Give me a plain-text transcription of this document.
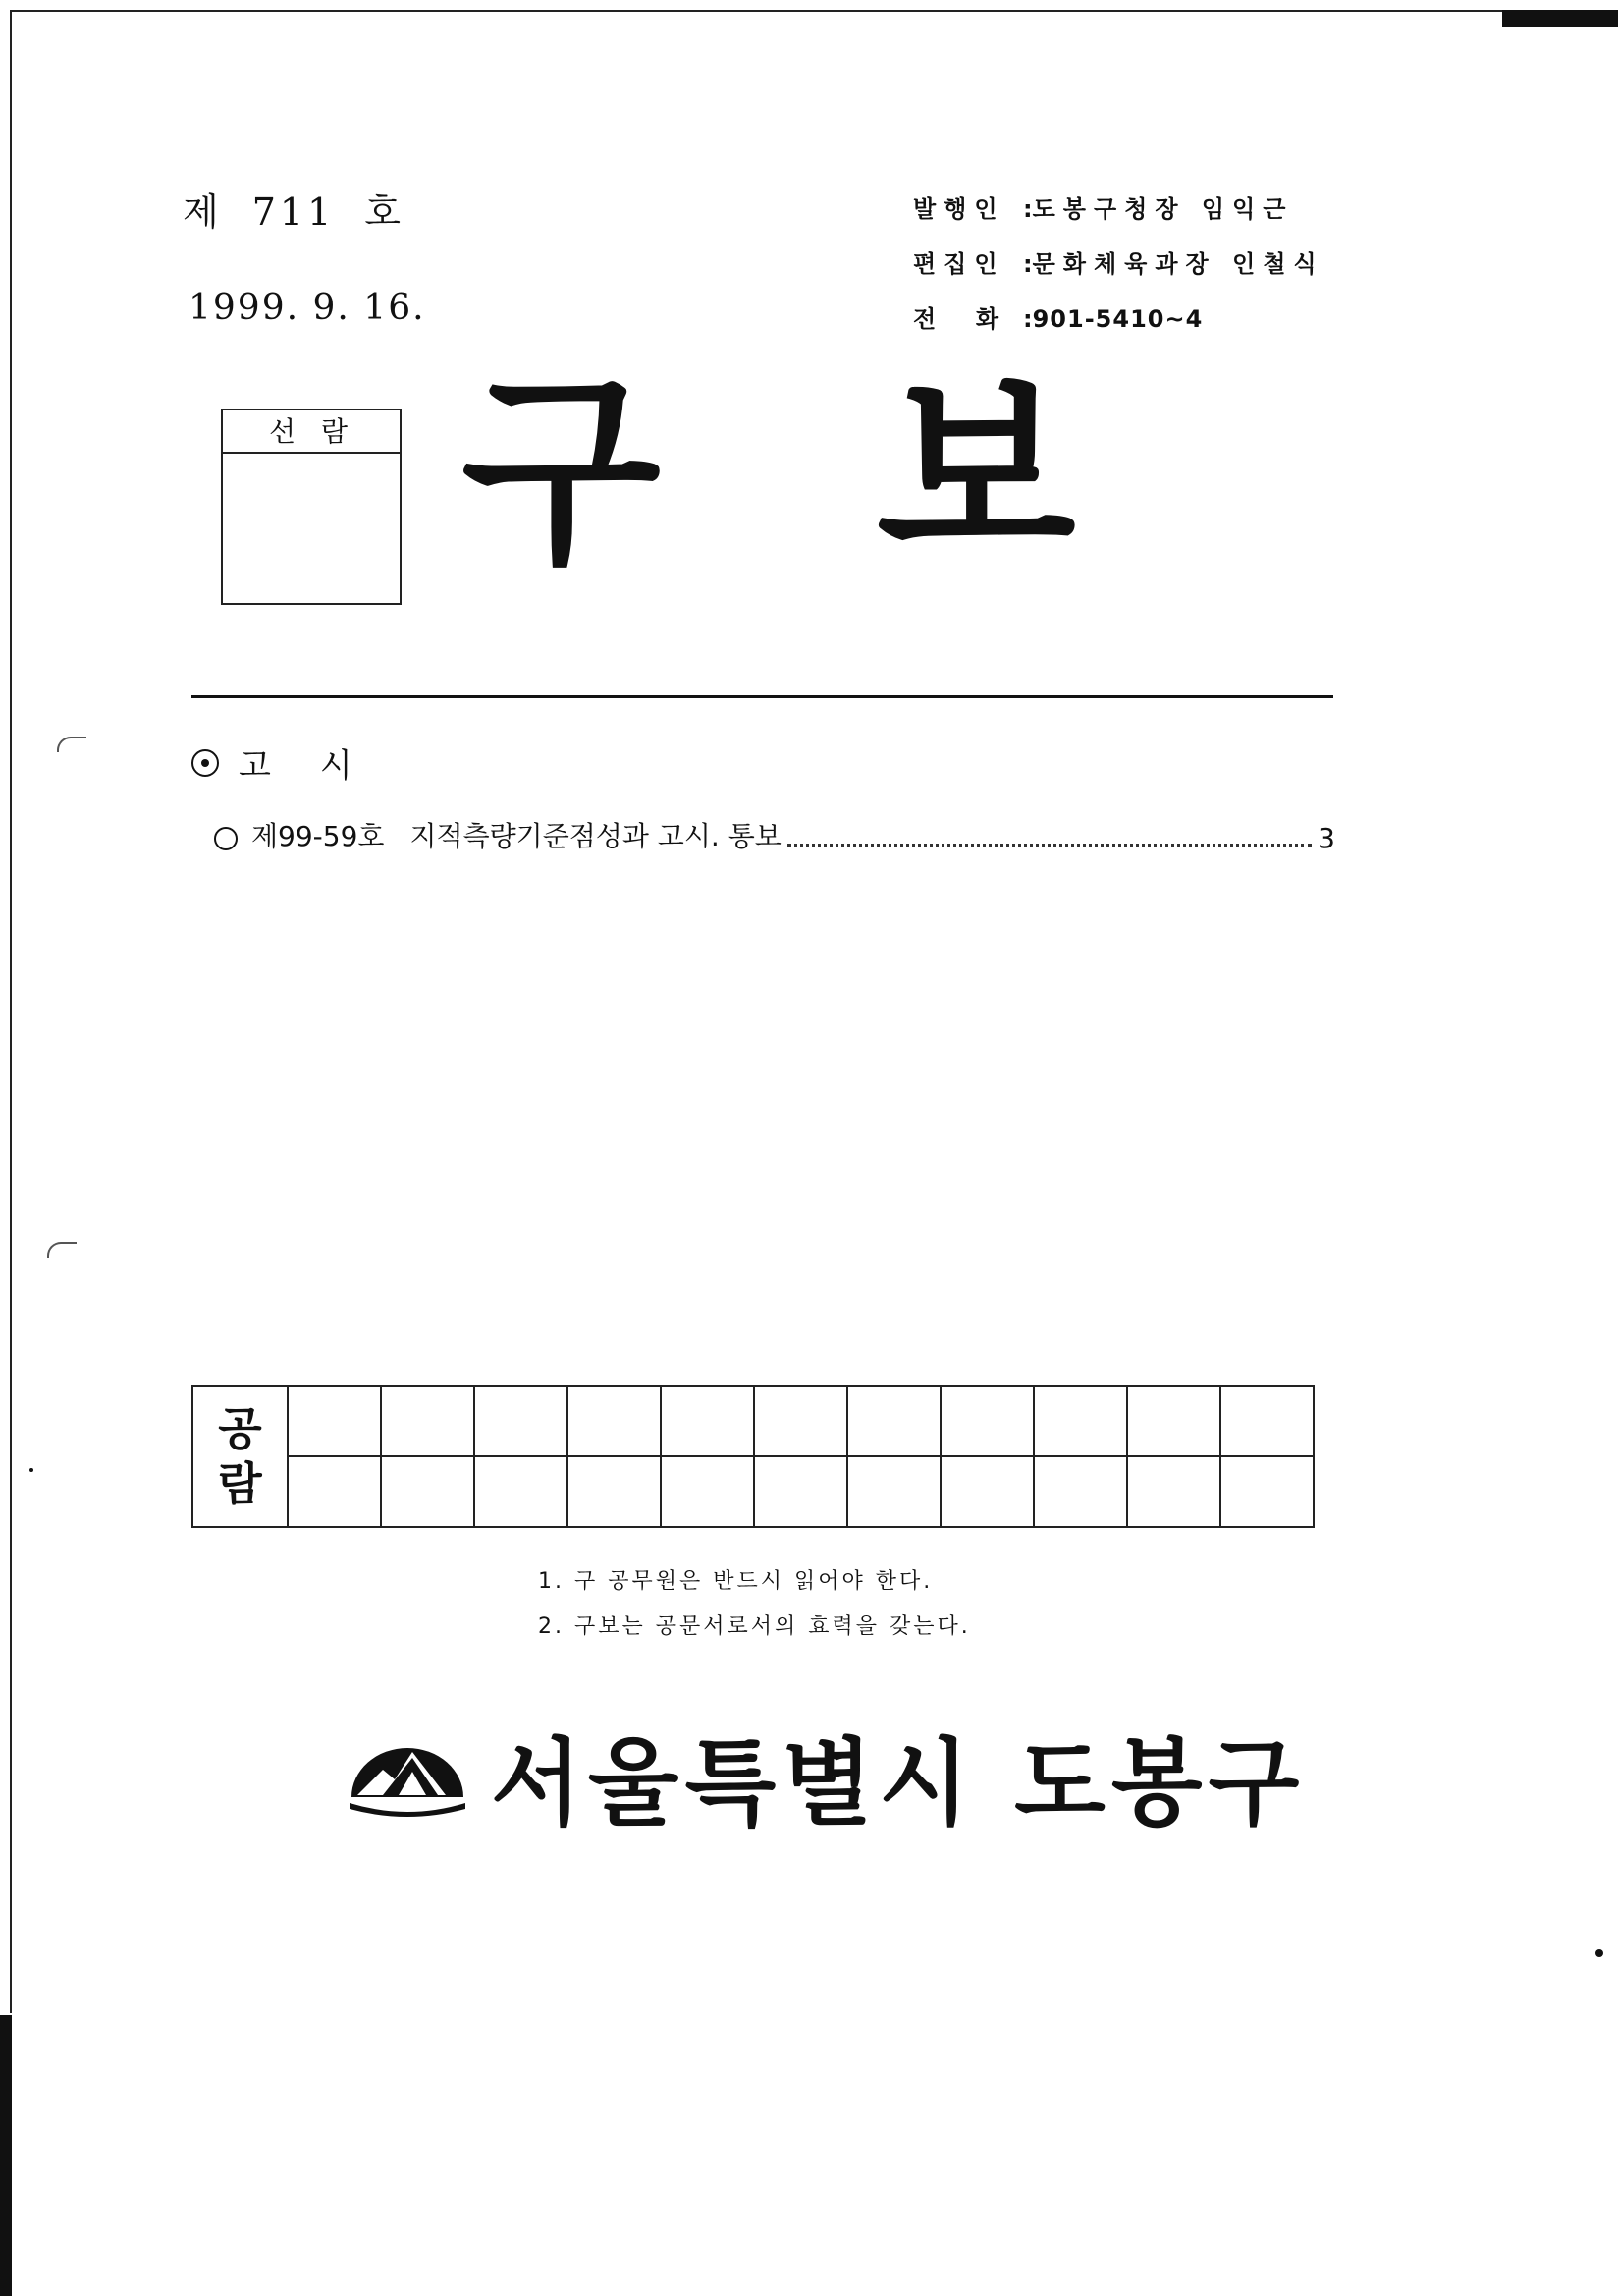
제 711 호
1999. 9. 16.
발행인 : 도봉구청장 임익근
편집인 : 문화체육과장 인철식
전  화 : 901-5410~4
선람 구 보
고시
제99-59호 지적측량기준점성과 고시. 통보	3
공
람											

1. 구 공무원은 반드시 읽어야 한다.
2. 구보는 공문서로서의 효력을 갖는다.
서울특별시 도봉구
